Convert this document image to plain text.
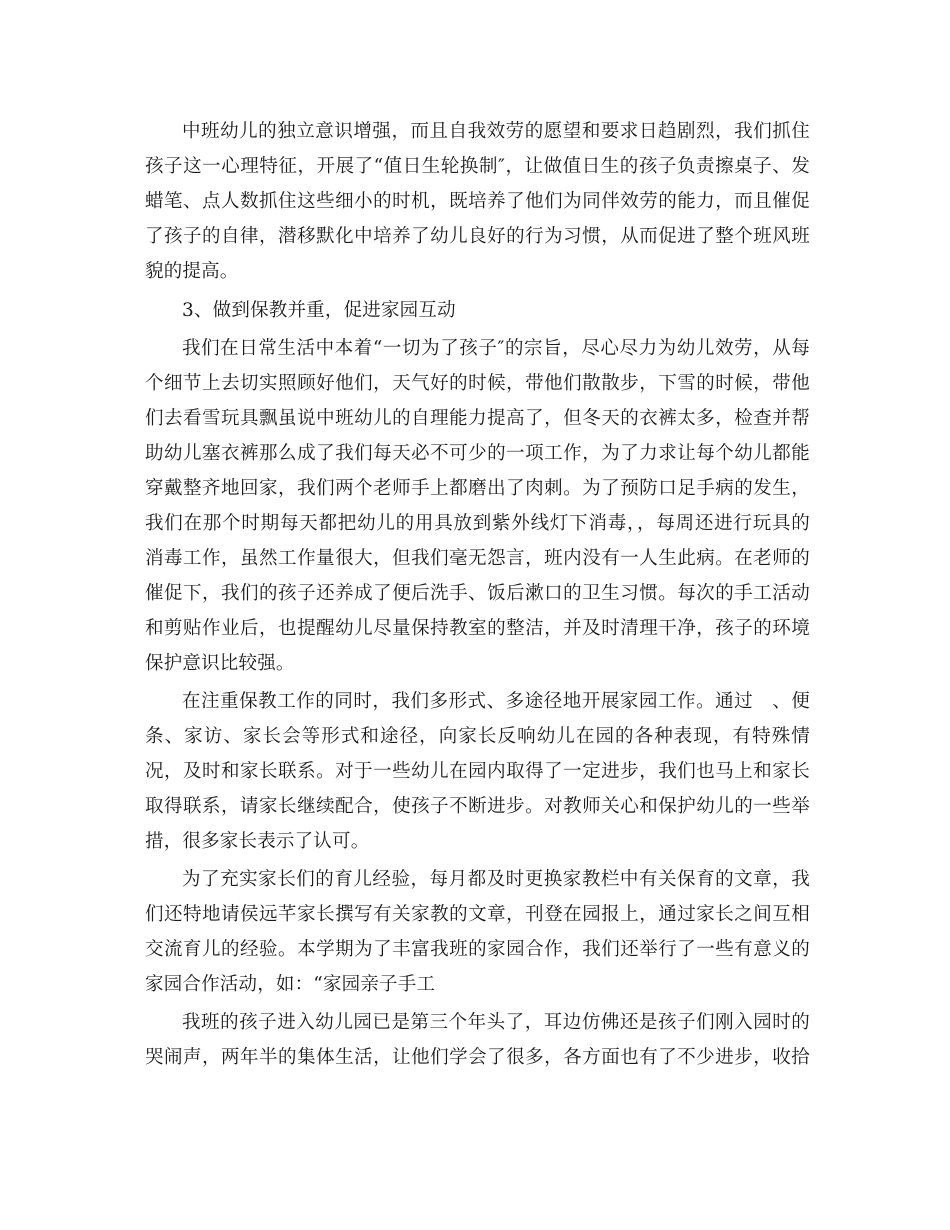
中班幼儿的独立意识增强，而且自我效劳的愿望和要求日趋剧烈，我们抓住
孩子这一心理特征，开展了“值日生轮换制″，让做值日生的孩子负责擦桌子、发
蜡笔、点人数抓住这些细小的时机，既培养了他们为同伴效劳的能力，而且催促
了孩子的自律，潜移默化中培养了幼儿良好的行为习惯，从而促进了整个班风班
貌的提高。
3、做到保教并重，促进家园互动
我们在日常生活中本着“一切为了孩子″的宗旨，尽心尽力为幼儿效劳，从每
个细节上去切实照顾好他们，天气好的时候，带他们散散步，下雪的时候，带他
们去看雪玩具飘虽说中班幼儿的自理能力提高了，但冬天的衣裤太多，检查并帮
助幼儿塞衣裤那么成了我们每天必不可少的一项工作，为了力求让每个幼儿都能
穿戴整齐地回家，我们两个老师手上都磨出了肉刺。为了预防口足手病的发生，
我们在那个时期每天都把幼儿的用具放到紫外线灯下消毒，，每周还进行玩具的
消毒工作，虽然工作量很大，但我们毫无怨言，班内没有一人生此病。在老师的
催促下，我们的孩子还养成了便后洗手、饭后漱口的卫生习惯。每次的手工活动
和剪贴作业后，也提醒幼儿尽量保持教室的整洁，并及时清理干净，孩子的环境
保护意识比较强。
在注重保教工作的同时，我们多形式、多途径地开展家园工作。通过　、便
条、家访、家长会等形式和途径，向家长反响幼儿在园的各种表现，有特殊情
况，及时和家长联系。对于一些幼儿在园内取得了一定进步，我们也马上和家长
取得联系，请家长继续配合，使孩子不断进步。对教师关心和保护幼儿的一些举
措，很多家长表示了认可。
为了充实家长们的育儿经验，每月都及时更换家教栏中有关保育的文章，我
们还特地请侯远芊家长撰写有关家教的文章，刊登在园报上，通过家长之间互相
交流育儿的经验。本学期为了丰富我班的家园合作，我们还举行了一些有意义的
家园合作活动，如：“家园亲子手工
我班的孩子进入幼儿园已是第三个年头了，耳边仿佛还是孩子们刚入园时的
哭闹声，两年半的集体生活，让他们学会了很多，各方面也有了不少进步，收拾
